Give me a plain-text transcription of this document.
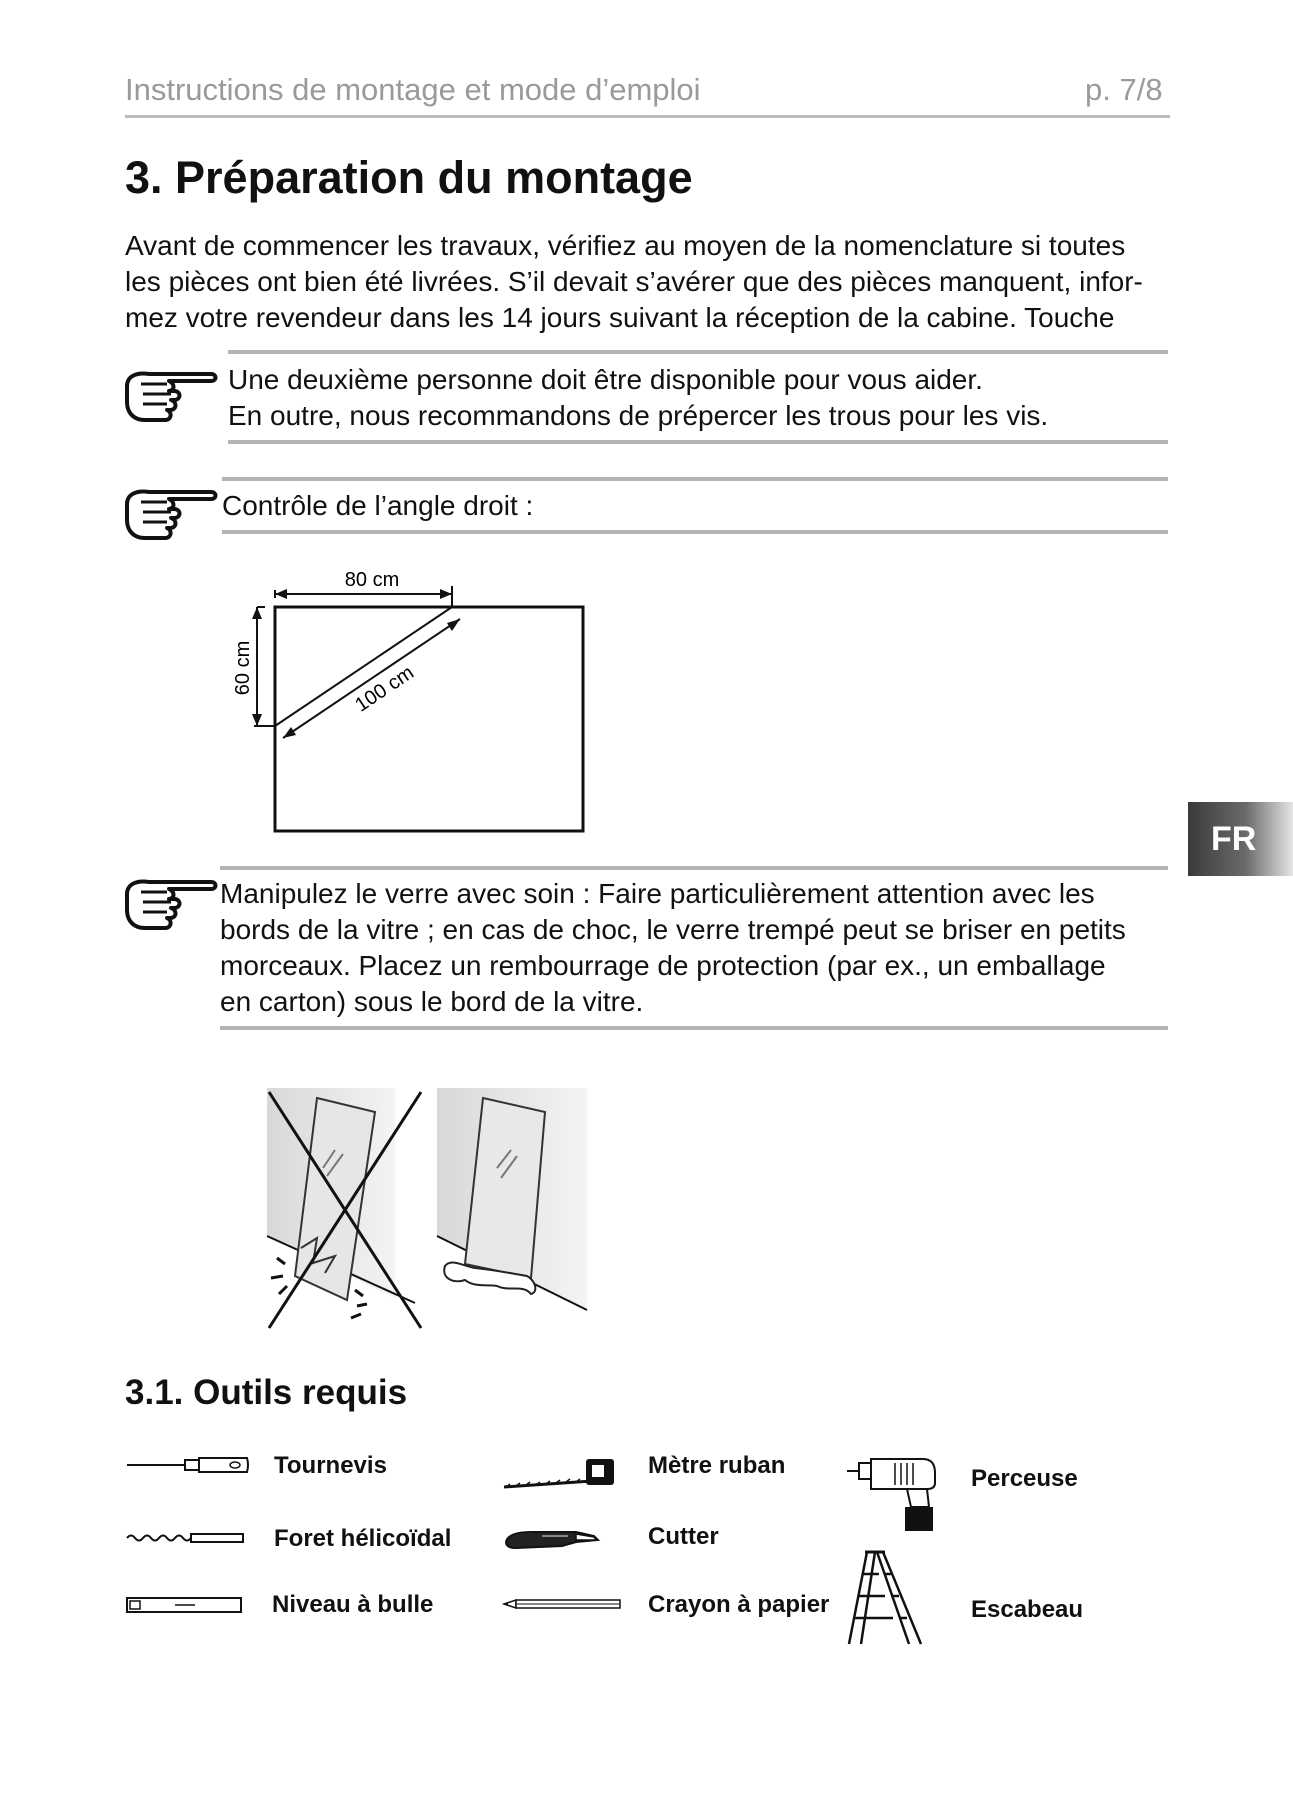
Instructions de montage et mode d’emploi	p. 7/8
3. Préparation du montage
Avant de commencer les travaux, vérifiez au moyen de la nomenclature si toutes
les pièces ont bien été livrées. S’il devait s’avérer que des pièces manquent, infor-
mez votre revendeur dans les 14 jours suivant la réception de la cabine. Touche
Une deuxième personne doit être disponible pour vous aider.
En outre, nous recommandons de prépercer les trous pour les vis.
Contrôle de l’angle droit :
80 cm
60 cm	100 cm
FR
Manipulez le verre avec soin : Faire particulièrement attention avec les
bords de la vitre ; en cas de choc, le verre trempé peut se briser en petits
morceaux. Placez un rembourrage de protection (par ex., un emballage
en carton) sous le bord de la vitre.
3.1. Outils requis
Tournevis
Foret hélicoïdal
Niveau à bulle
Mètre ruban
Cutter
Crayon à papier
Perceuse
Escabeau
